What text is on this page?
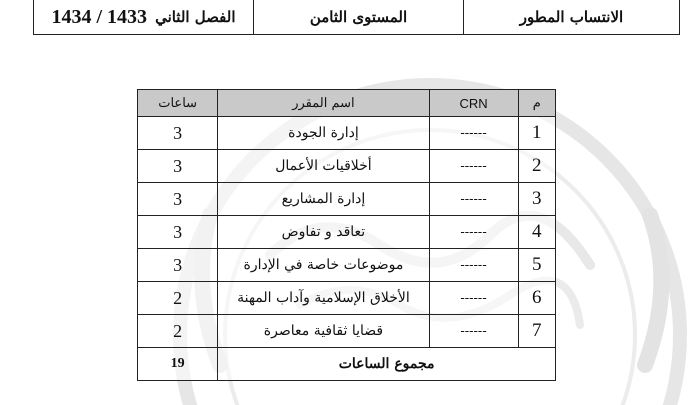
الانتساب المطور
المستوى الثامن
الفصل الثاني
1434 / 1433
م	CRN	اسم المقرر	ساعات
1	------	إدارة الجودة	3
2	------	أخلاقيات الأعمال	3
3	------	إدارة المشاريع	3
4	------	تعاقد و تفاوض	3
5	------	موضوعات خاصة في الإدارة	3
6	------	الأخلاق الإسلامية وآداب المهنة	2
7	------	قضايا ثقافية معاصرة	2
مجموع الساعات			19
